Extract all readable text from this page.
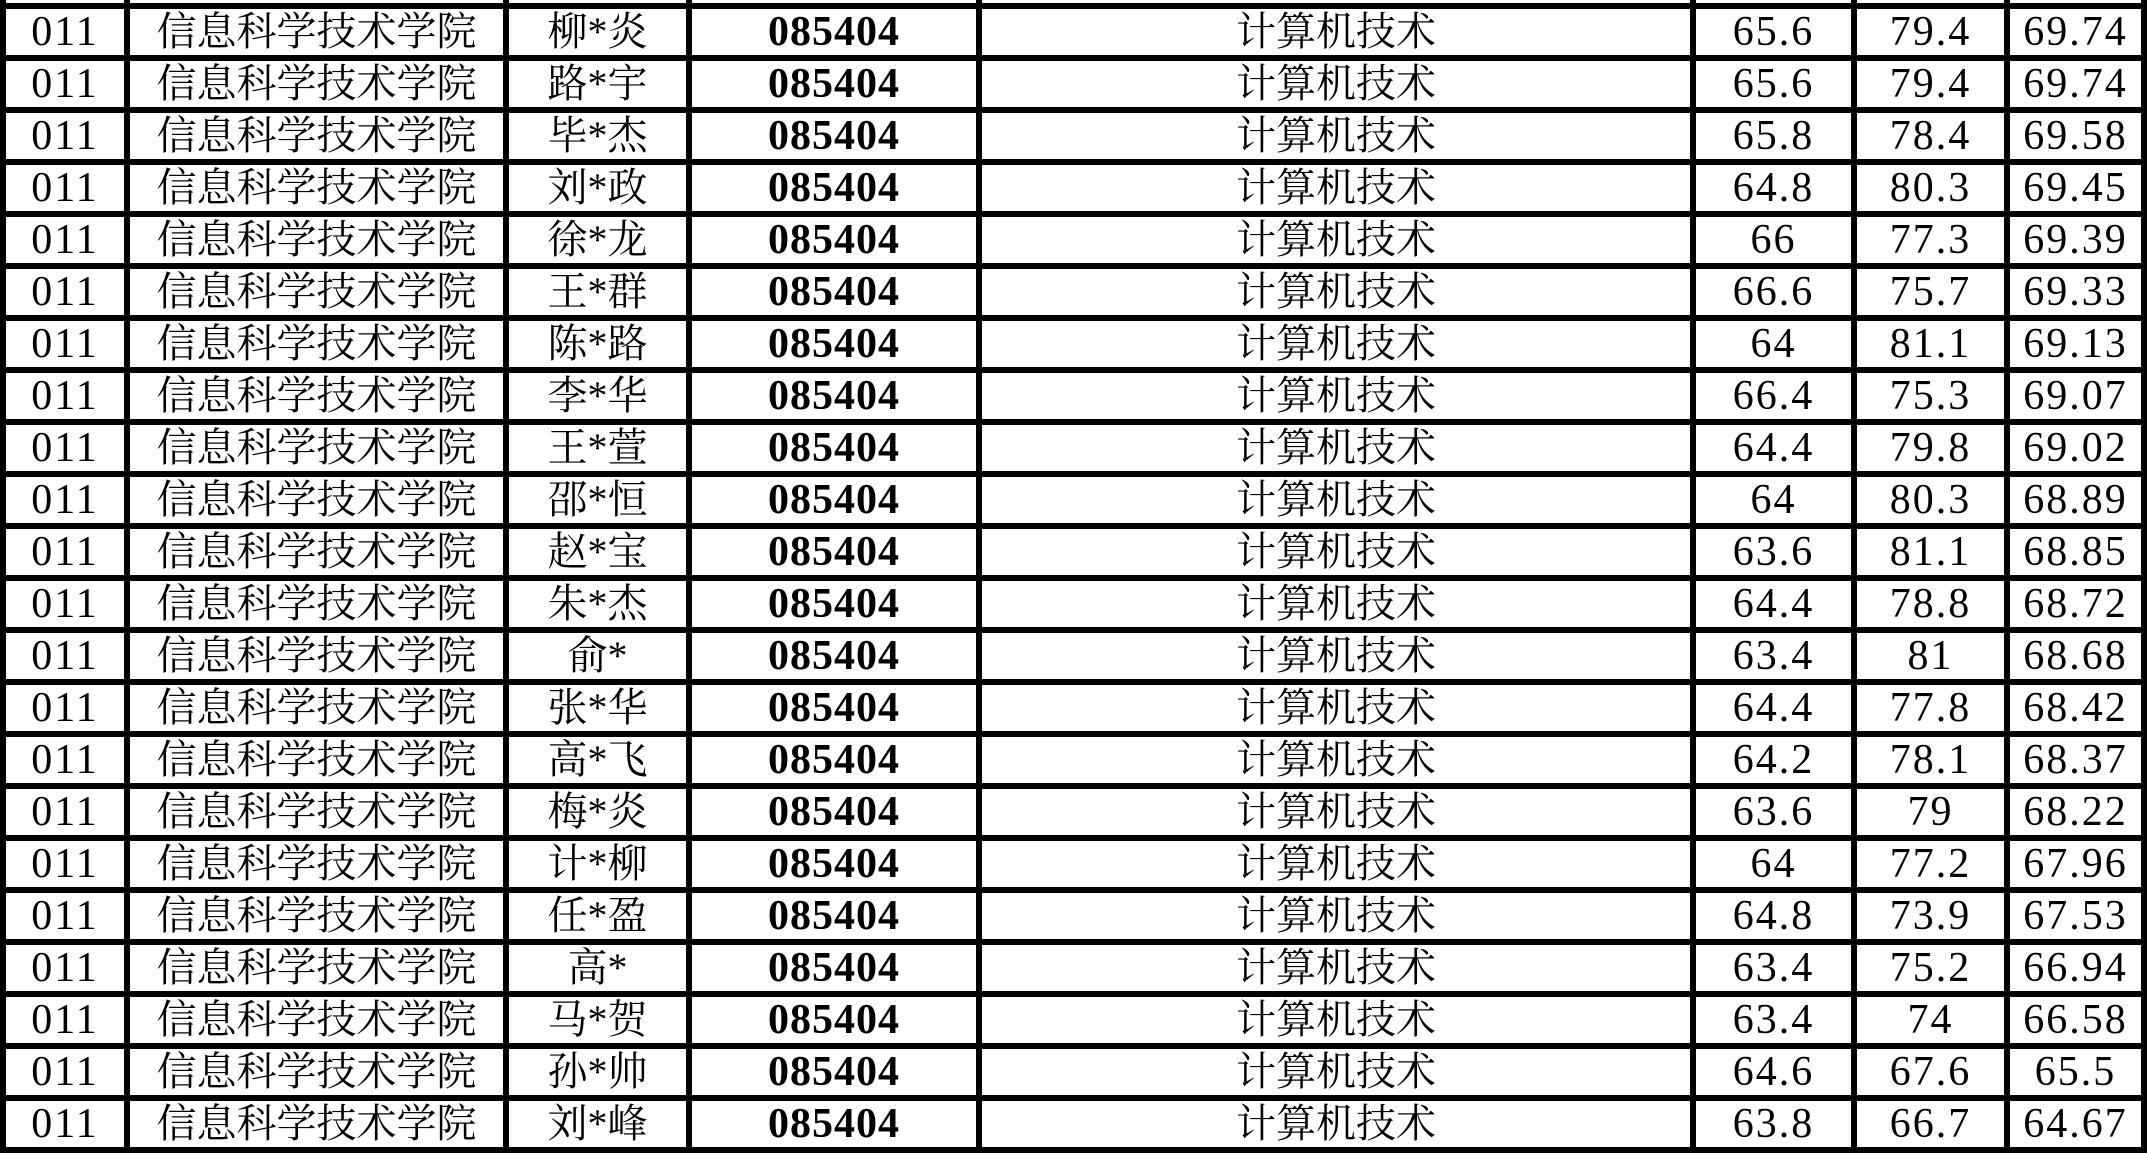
011	信息科学技术学院	柳*炎	085404	计算机技术	65.6	79.4	69.74
011	信息科学技术学院	路*宇	085404	计算机技术	65.6	79.4	69.74
011	信息科学技术学院	毕*杰	085404	计算机技术	65.8	78.4	69.58
011	信息科学技术学院	刘*政	085404	计算机技术	64.8	80.3	69.45
011	信息科学技术学院	徐*龙	085404	计算机技术	66	77.3	69.39
011	信息科学技术学院	王*群	085404	计算机技术	66.6	75.7	69.33
011	信息科学技术学院	陈*路	085404	计算机技术	64	81.1	69.13
011	信息科学技术学院	李*华	085404	计算机技术	66.4	75.3	69.07
011	信息科学技术学院	王*萱	085404	计算机技术	64.4	79.8	69.02
011	信息科学技术学院	邵*恒	085404	计算机技术	64	80.3	68.89
011	信息科学技术学院	赵*宝	085404	计算机技术	63.6	81.1	68.85
011	信息科学技术学院	朱*杰	085404	计算机技术	64.4	78.8	68.72
011	信息科学技术学院	俞*	085404	计算机技术	63.4	81	68.68
011	信息科学技术学院	张*华	085404	计算机技术	64.4	77.8	68.42
011	信息科学技术学院	高*飞	085404	计算机技术	64.2	78.1	68.37
011	信息科学技术学院	梅*炎	085404	计算机技术	63.6	79	68.22
011	信息科学技术学院	计*柳	085404	计算机技术	64	77.2	67.96
011	信息科学技术学院	任*盈	085404	计算机技术	64.8	73.9	67.53
011	信息科学技术学院	高*	085404	计算机技术	63.4	75.2	66.94
011	信息科学技术学院	马*贺	085404	计算机技术	63.4	74	66.58
011	信息科学技术学院	孙*帅	085404	计算机技术	64.6	67.6	65.5
011	信息科学技术学院	刘*峰	085404	计算机技术	63.8	66.7	64.67
